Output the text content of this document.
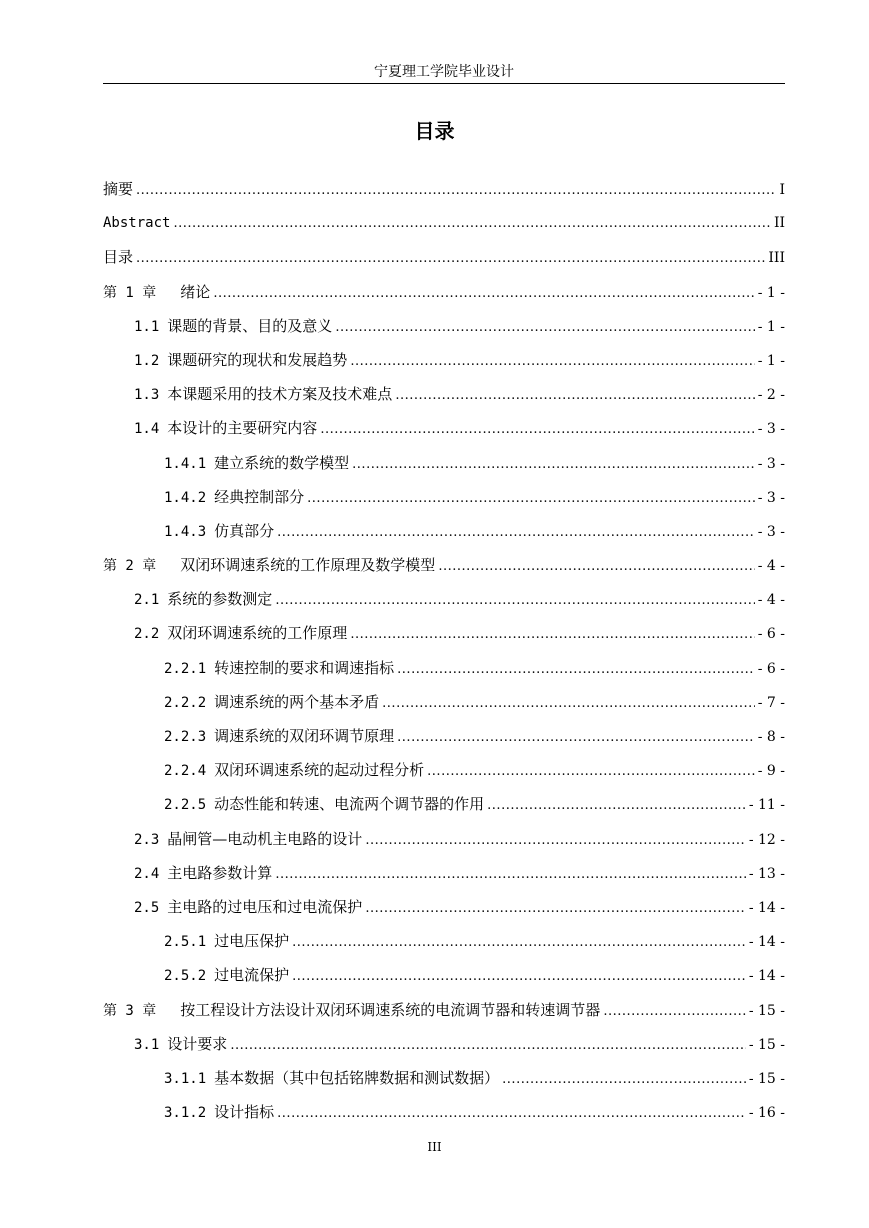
宁夏理工学院毕业设计
目录
摘要 .....	I
Abstract .....	II
目录 .....	III
第 1 章 绪论 .....	- 1 -
1.1 课题的背景、目的及意义 .....	- 1 -
1.2 课题研究的现状和发展趋势 .....	- 1 -
1.3 本课题采用的技术方案及技术难点 .....	- 2 -
1.4 本设计的主要研究内容 .....	- 3 -
1.4.1 建立系统的数学模型 .....	- 3 -
1.4.2 经典控制部分 .....	- 3 -
1.4.3 仿真部分 .....	- 3 -
第 2 章 双闭环调速系统的工作原理及数学模型 .....	- 4 -
2.1 系统的参数测定 .....	- 4 -
2.2 双闭环调速系统的工作原理 .....	- 6 -
2.2.1 转速控制的要求和调速指标 .....	- 6 -
2.2.2 调速系统的两个基本矛盾 .....	- 7 -
2.2.3 调速系统的双闭环调节原理 .....	- 8 -
2.2.4 双闭环调速系统的起动过程分析 .....	- 9 -
2.2.5 动态性能和转速、电流两个调节器的作用 .....	- 11 -
2.3 晶闸管—电动机主电路的设计 .....	- 12 -
2.4 主电路参数计算 .....	- 13 -
2.5 主电路的过电压和过电流保护 .....	- 14 -
2.5.1 过电压保护 .....	- 14 -
2.5.2 过电流保护 .....	- 14 -
第 3 章 按工程设计方法设计双闭环调速系统的电流调节器和转速调节器 .....	- 15 -
3.1 设计要求 .....	- 15 -
3.1.1 基本数据（其中包括铭牌数据和测试数据） .....	- 15 -
3.1.2 设计指标 .....	- 16 -
III
